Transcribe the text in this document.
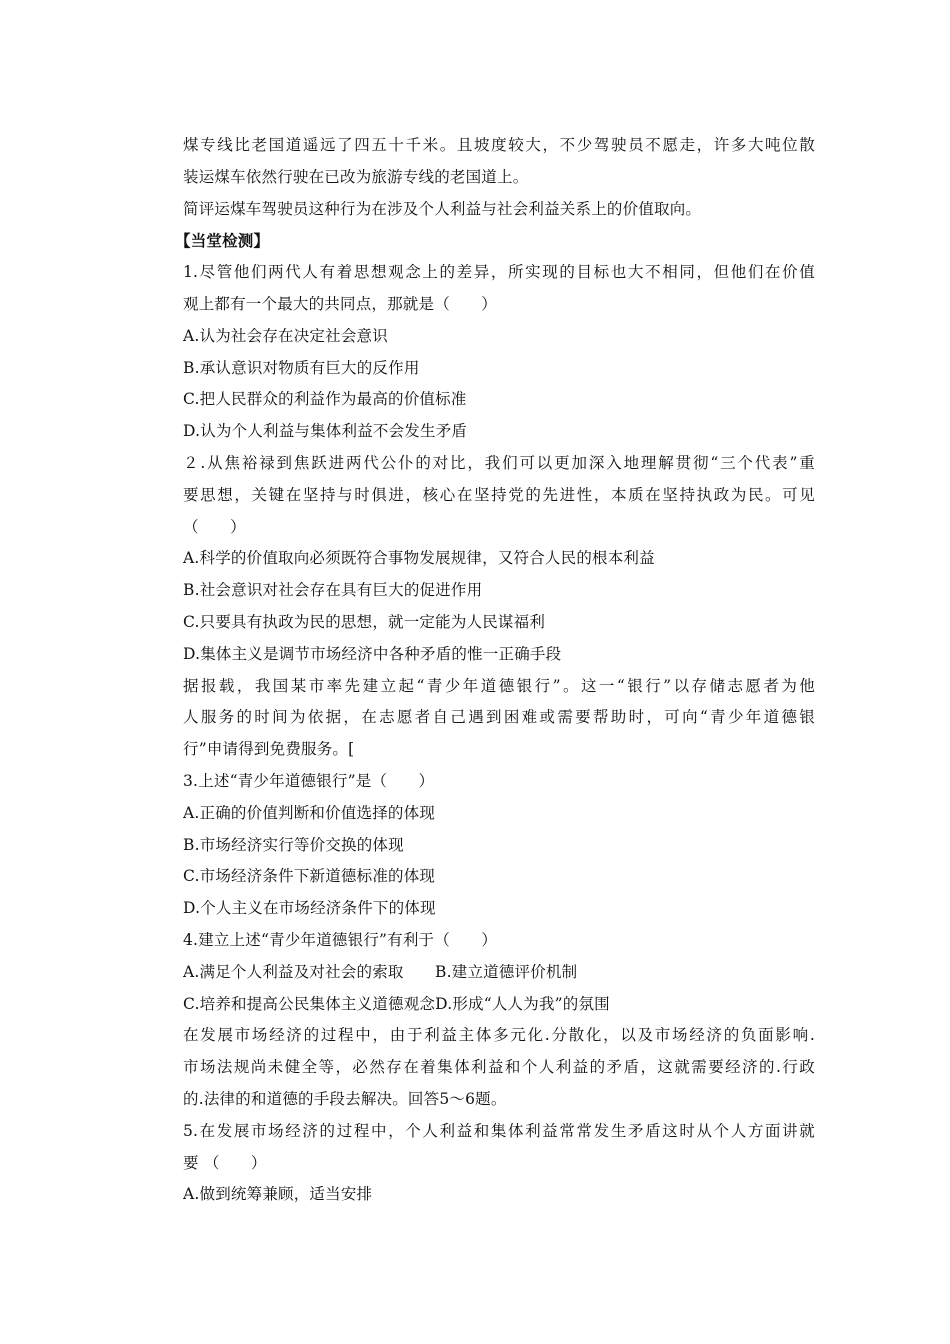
煤专线比老国道遥远了四五十千米。且坡度较大，不少驾驶员不愿走，许多大吨位散
装运煤车依然行驶在已改为旅游专线的老国道上。
简评运煤车驾驶员这种行为在涉及个人利益与社会利益关系上的价值取向。
【当堂检测】
1.尽管他们两代人有着思想观念上的差异，所实现的目标也大不相同，但他们在价值
观上都有一个最大的共同点，那就是（　　）
A.认为社会存在决定社会意识
B.承认意识对物质有巨大的反作用
C.把人民群众的利益作为最高的价值标准
D.认为个人利益与集体利益不会发生矛盾
２.从焦裕禄到焦跃进两代公仆的对比，我们可以更加深入地理解贯彻“三个代表”重
要思想，关键在坚持与时俱进，核心在坚持党的先进性，本质在坚持执政为民。可见
（　　）
A.科学的价值取向必须既符合事物发展规律，又符合人民的根本利益
B.社会意识对社会存在具有巨大的促进作用
C.只要具有执政为民的思想，就一定能为人民谋福利
D.集体主义是调节市场经济中各种矛盾的惟一正确手段
据报载，我国某市率先建立起“青少年道德银行”。这一“银行”以存储志愿者为他
人服务的时间为依据，在志愿者自己遇到困难或需要帮助时，可向“青少年道德银
行”申请得到免费服务。[
3.上述“青少年道德银行”是（　　）
A.正确的价值判断和价值选择的体现
B.市场经济实行等价交换的体现
C.市场经济条件下新道德标准的体现
D.个人主义在市场经济条件下的体现
4.建立上述“青少年道德银行”有利于（　　）
A.满足个人利益及对社会的索取　　B.建立道德评价机制
C.培养和提高公民集体主义道德观念D.形成“人人为我”的氛围
在发展市场经济的过程中，由于利益主体多元化.分散化，以及市场经济的负面影响.
市场法规尚未健全等，必然存在着集体利益和个人利益的矛盾，这就需要经济的.行政
的.法律的和道德的手段去解决。回答5～6题。
5.在发展市场经济的过程中，个人利益和集体利益常常发生矛盾这时从个人方面讲就
要 （　　）
A.做到统筹兼顾，适当安排
